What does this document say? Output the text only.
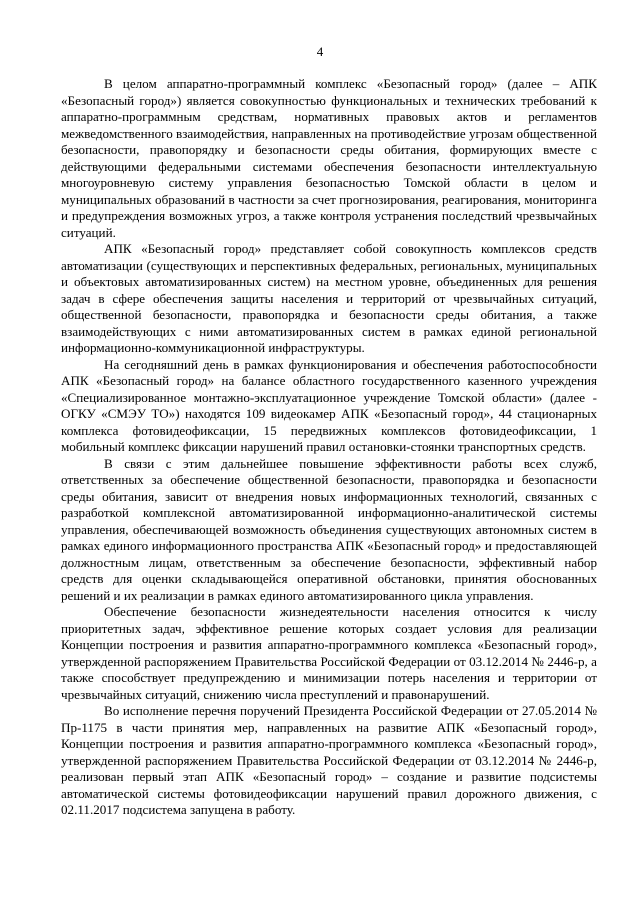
4

В целом аппаратно-программный комплекс «Безопасный город» (далее – АПК «Безопасный город») является совокупностью функциональных и технических требований к аппаратно-программным средствам, нормативных правовых актов и регламентов межведомственного взаимодействия, направленных на противодействие угрозам общественной безопасности, правопорядку и безопасности среды обитания, формирующих вместе с действующими федеральными системами обеспечения безопасности интеллектуальную многоуровневую систему управления безопасностью Томской области в целом и муниципальных образований в частности за счет прогнозирования, реагирования, мониторинга и предупреждения возможных угроз, а также контроля устранения последствий чрезвычайных ситуаций.

АПК «Безопасный город» представляет собой совокупность комплексов средств автоматизации (существующих и перспективных федеральных, региональных, муниципальных и объектовых автоматизированных систем) на местном уровне, объединенных для решения задач в сфере обеспечения защиты населения и территорий от чрезвычайных ситуаций, общественной безопасности, правопорядка и безопасности среды обитания, а также взаимодействующих с ними автоматизированных систем в рамках единой региональной информационно-коммуникационной инфраструктуры.

На сегодняшний день в рамках функционирования и обеспечения работоспособности АПК «Безопасный город» на балансе областного государственного казенного учреждения «Специализированное монтажно-эксплуатационное учреждение Томской области» (далее - ОГКУ «СМЭУ ТО») находятся 109 видеокамер АПК «Безопасный город», 44 стационарных комплекса фотовидеофиксации, 15 передвижных комплексов фотовидеофиксации, 1 мобильный комплекс фиксации нарушений правил остановки-стоянки транспортных средств.

В связи с этим дальнейшее повышение эффективности работы всех служб, ответственных за обеспечение общественной безопасности, правопорядка и безопасности среды обитания, зависит от внедрения новых информационных технологий, связанных с разработкой комплексной автоматизированной информационно-аналитической системы управления, обеспечивающей возможность объединения существующих автономных систем в рамках единого информационного пространства АПК «Безопасный город» и предоставляющей должностным лицам, ответственным за обеспечение безопасности, эффективный набор средств для оценки складывающейся оперативной обстановки, принятия обоснованных решений и их реализации в рамках единого автоматизированного цикла управления.

Обеспечение безопасности жизнедеятельности населения относится к числу приоритетных задач, эффективное решение которых создает условия для реализации Концепции построения и развития аппаратно-программного комплекса «Безопасный город», утвержденной распоряжением Правительства Российской Федерации от 03.12.2014 № 2446-р, а также способствует предупреждению и минимизации потерь населения и территории от чрезвычайных ситуаций, снижению числа преступлений и правонарушений.

Во исполнение перечня поручений Президента Российской Федерации от 27.05.2014 № Пр-1175 в части принятия мер, направленных на развитие АПК «Безопасный город», Концепции построения и развития аппаратно-программного комплекса «Безопасный город», утвержденной распоряжением Правительства Российской Федерации от 03.12.2014 № 2446-р, реализован первый этап АПК «Безопасный город» – создание и развитие подсистемы автоматической системы фотовидеофиксации нарушений правил дорожного движения, с 02.11.2017 подсистема запущена в работу.
